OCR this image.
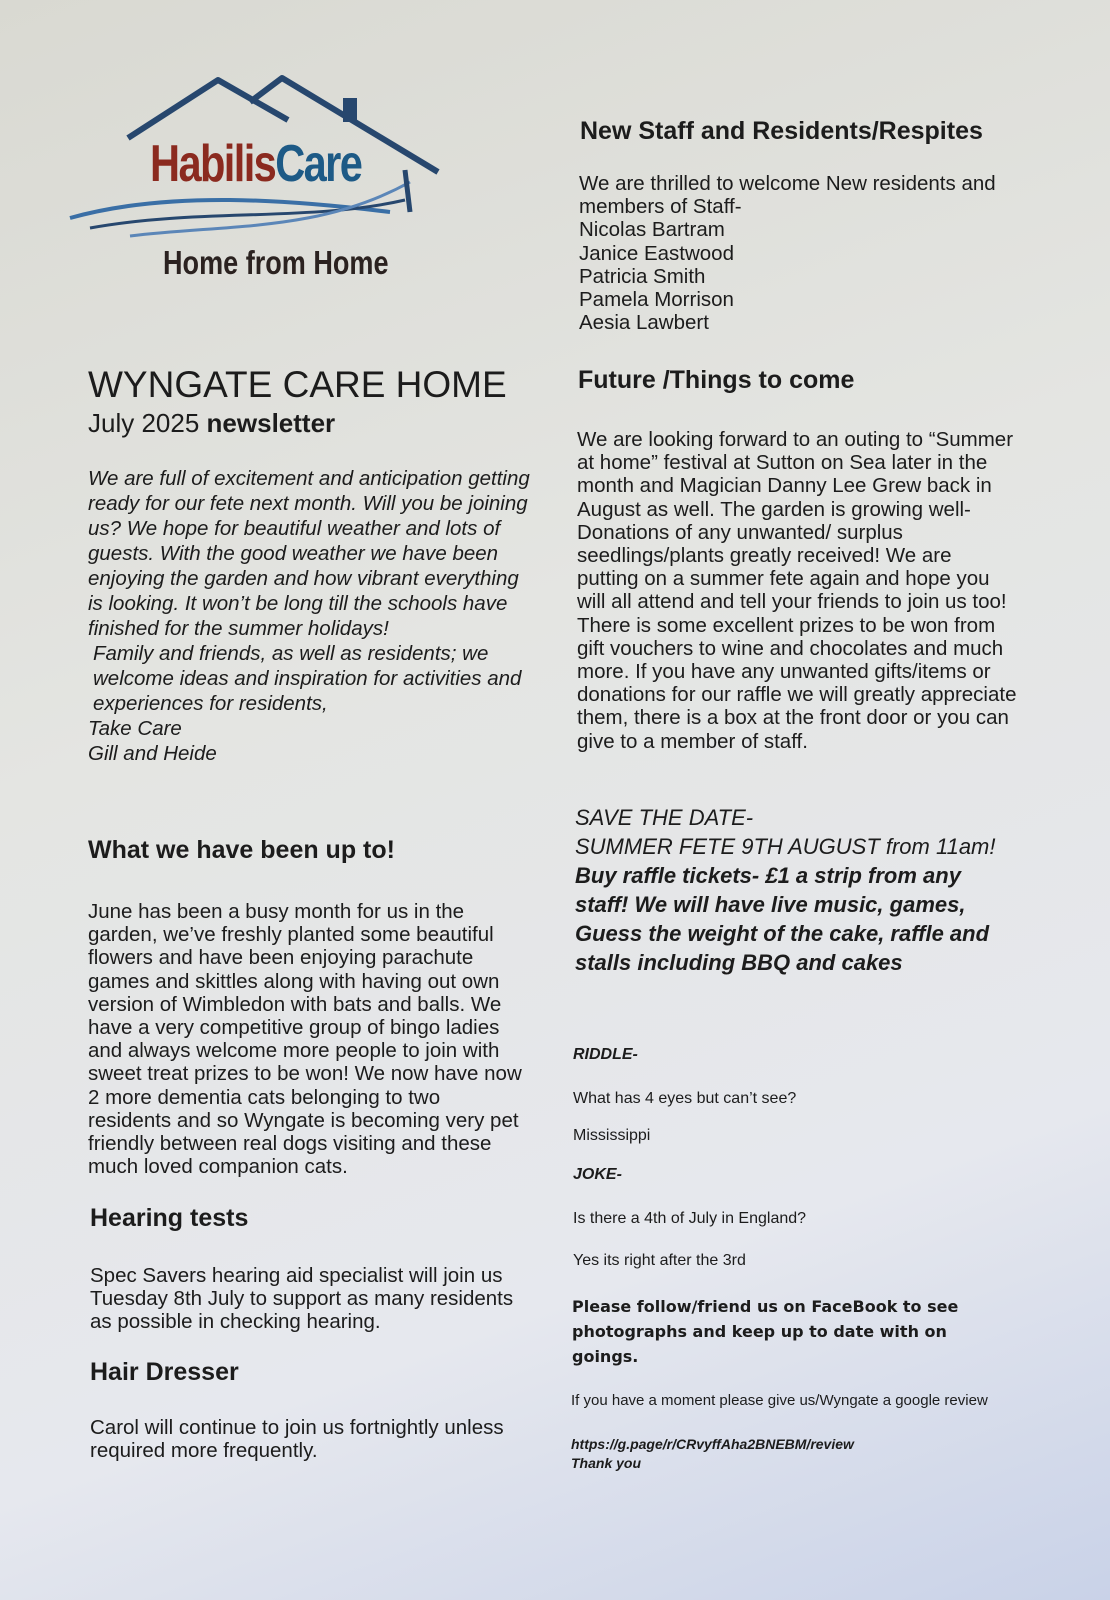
HabilisCare
Home from Home
WYNGATE CARE HOME
July 2025 newsletter

We are full of excitement and anticipation getting ready for our fete next month. Will you be joining us? We hope for beautiful weather and lots of guests. With the good weather we have been enjoying the garden and how vibrant everything is looking. It won’t be long till the schools have finished for the summer holidays!

Family and friends, as well as residents; we welcome ideas and inspiration for activities and experiences for residents,

Take Care

Gill and Heide

What we have been up to!

June has been a busy month for us in the garden, we’ve freshly planted some beautiful flowers and have been enjoying parachute games and skittles along with having out own version of Wimbledon with bats and balls. We have a very competitive group of bingo ladies and always welcome more people to join with sweet treat prizes to be won! We now have now 2 more dementia cats belonging to two residents and so Wyngate is becoming very pet friendly between real dogs visiting and these much loved companion cats.

Hearing tests

Spec Savers hearing aid specialist will join us Tuesday 8th July to support as many residents as possible in checking hearing.

Hair Dresser

Carol will continue to join us fortnightly unless required more frequently.

New Staff and Residents/Respites

We are thrilled to welcome New residents and members of Staff-

Nicolas Bartram
Janice Eastwood
Patricia Smith
Pamela Morrison
Aesia Lawbert
Future /Things to come

We are looking forward to an outing to “Summer at home” festival at Sutton on Sea later in the month and Magician Danny Lee Grew back in August as well. The garden is growing well- Donations of any unwanted/ surplus seedlings/plants greatly received! We are putting on a summer fete again and hope you will all attend and tell your friends to join us too! There is some excellent prizes to be won from gift vouchers to wine and chocolates and much more. If you have any unwanted gifts/items or donations for our raffle we will greatly appreciate them, there is a box at the front door or you can give to a member of staff.

SAVE THE DATE-
SUMMER FETE 9TH AUGUST from 11am!
Buy raffle tickets- £1 a strip from any staff! We will have live music, games, Guess the weight of the cake, raffle and stalls including BBQ and cakes
RIDDLE-
What has 4 eyes but can’t see?
Mississippi
JOKE-
Is there a 4th of July in England?
Yes its right after the 3rd
Please follow/friend us on FaceBook to see photographs and keep up to date with on goings.
If you have a moment please give us/Wyngate a google review
https://g.page/r/CRvyffAha2BNEBM/review
Thank you
